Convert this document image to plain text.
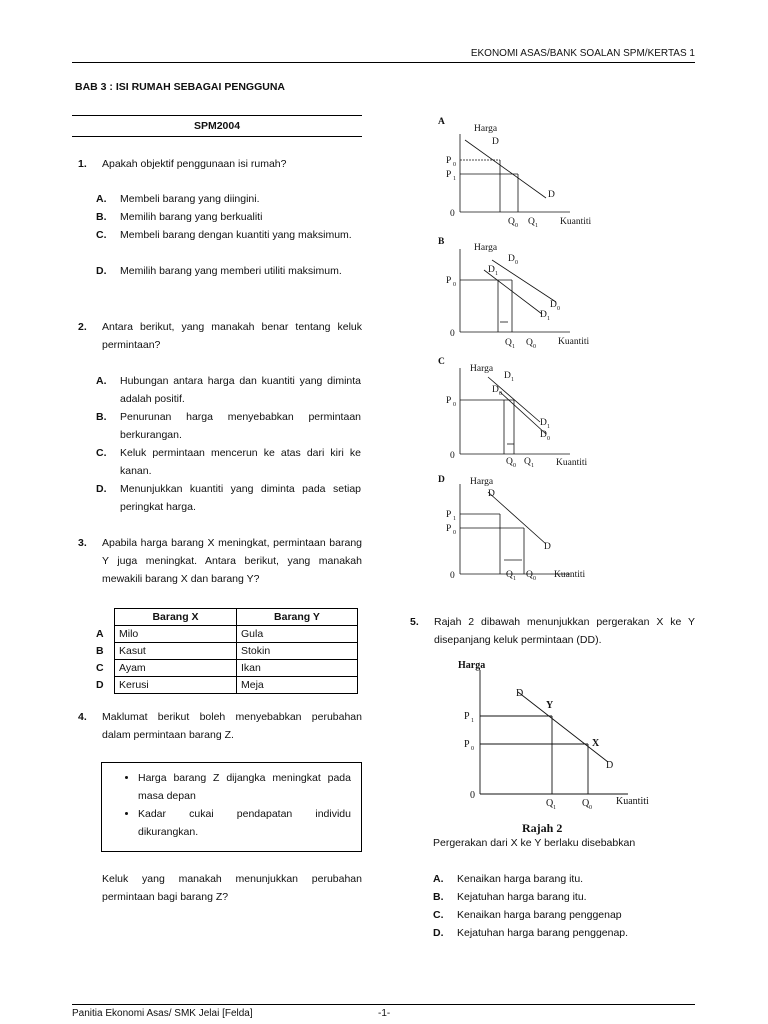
EKONOMI ASAS/BANK SOALAN SPM/KERTAS 1
BAB 3 : ISI RUMAH SEBAGAI PENGGUNA
SPM2004
1. Apakah objektif penggunaan isi rumah?
A. Membeli barang yang diingini.
B. Memilih barang yang berkualiti
C. Membeli barang dengan kuantiti yang maksimum.
D. Memilih barang yang memberi utiliti maksimum.
2. Antara berikut, yang manakah benar tentang keluk permintaan?
A. Hubungan antara harga dan kuantiti yang diminta adalah positif.
B. Penurunan harga menyebabkan permintaan berkurangan.
C. Keluk permintaan mencerun ke atas dari kiri ke kanan.
D. Menunjukkan kuantiti yang diminta pada setiap peringkat harga.
3. Apabila harga barang X meningkat, permintaan barang Y juga meningkat. Antara berikut, yang manakah mewakili barang X dan barang Y?
	Barang X	Barang Y
A	Milo	Gula
B	Kasut	Stokin
C	Ayam	Ikan
D	Kerusi	Meja
4. Maklumat berikut boleh menyebabkan perubahan dalam permintaan barang Z.
• Harga barang Z dijangka meningkat pada masa depan
• Kadar cukai pendapatan individu dikurangkan.
Keluk yang manakah menunjukkan perubahan permintaan bagi barang Z?
A
Harga
D
P 0
P 1
D
0
Q 0 Q 1 Kuantiti
B
Harga
D 0
D 1
P 0
D 0
D 1
0
Q 1 Q 0 Kuantiti
C
Harga
D 1
D 0
P 0
D 1
D 0
0
Q 0 Q 1 Kuantiti
D	Harga
D
P 1
P 0
D
0	Q 1 Q 0 Kuantiti
5. Rajah 2 dibawah menunjukkan pergerakan X ke Y disepanjang keluk permintaan (DD).
Harga
D
Y
X
D
P 1
P 0
0
Q 1	Q 0
Kuantiti
Rajah 2
Pergerakan dari X ke Y berlaku disebabkan
A. Kenaikan harga barang itu.
B. Kejatuhan harga barang itu.
C. Kenaikan harga barang penggenap
D. Kejatuhan harga barang penggenap.
Panitia Ekonomi Asas/ SMK Jelai [Felda]	-1-
